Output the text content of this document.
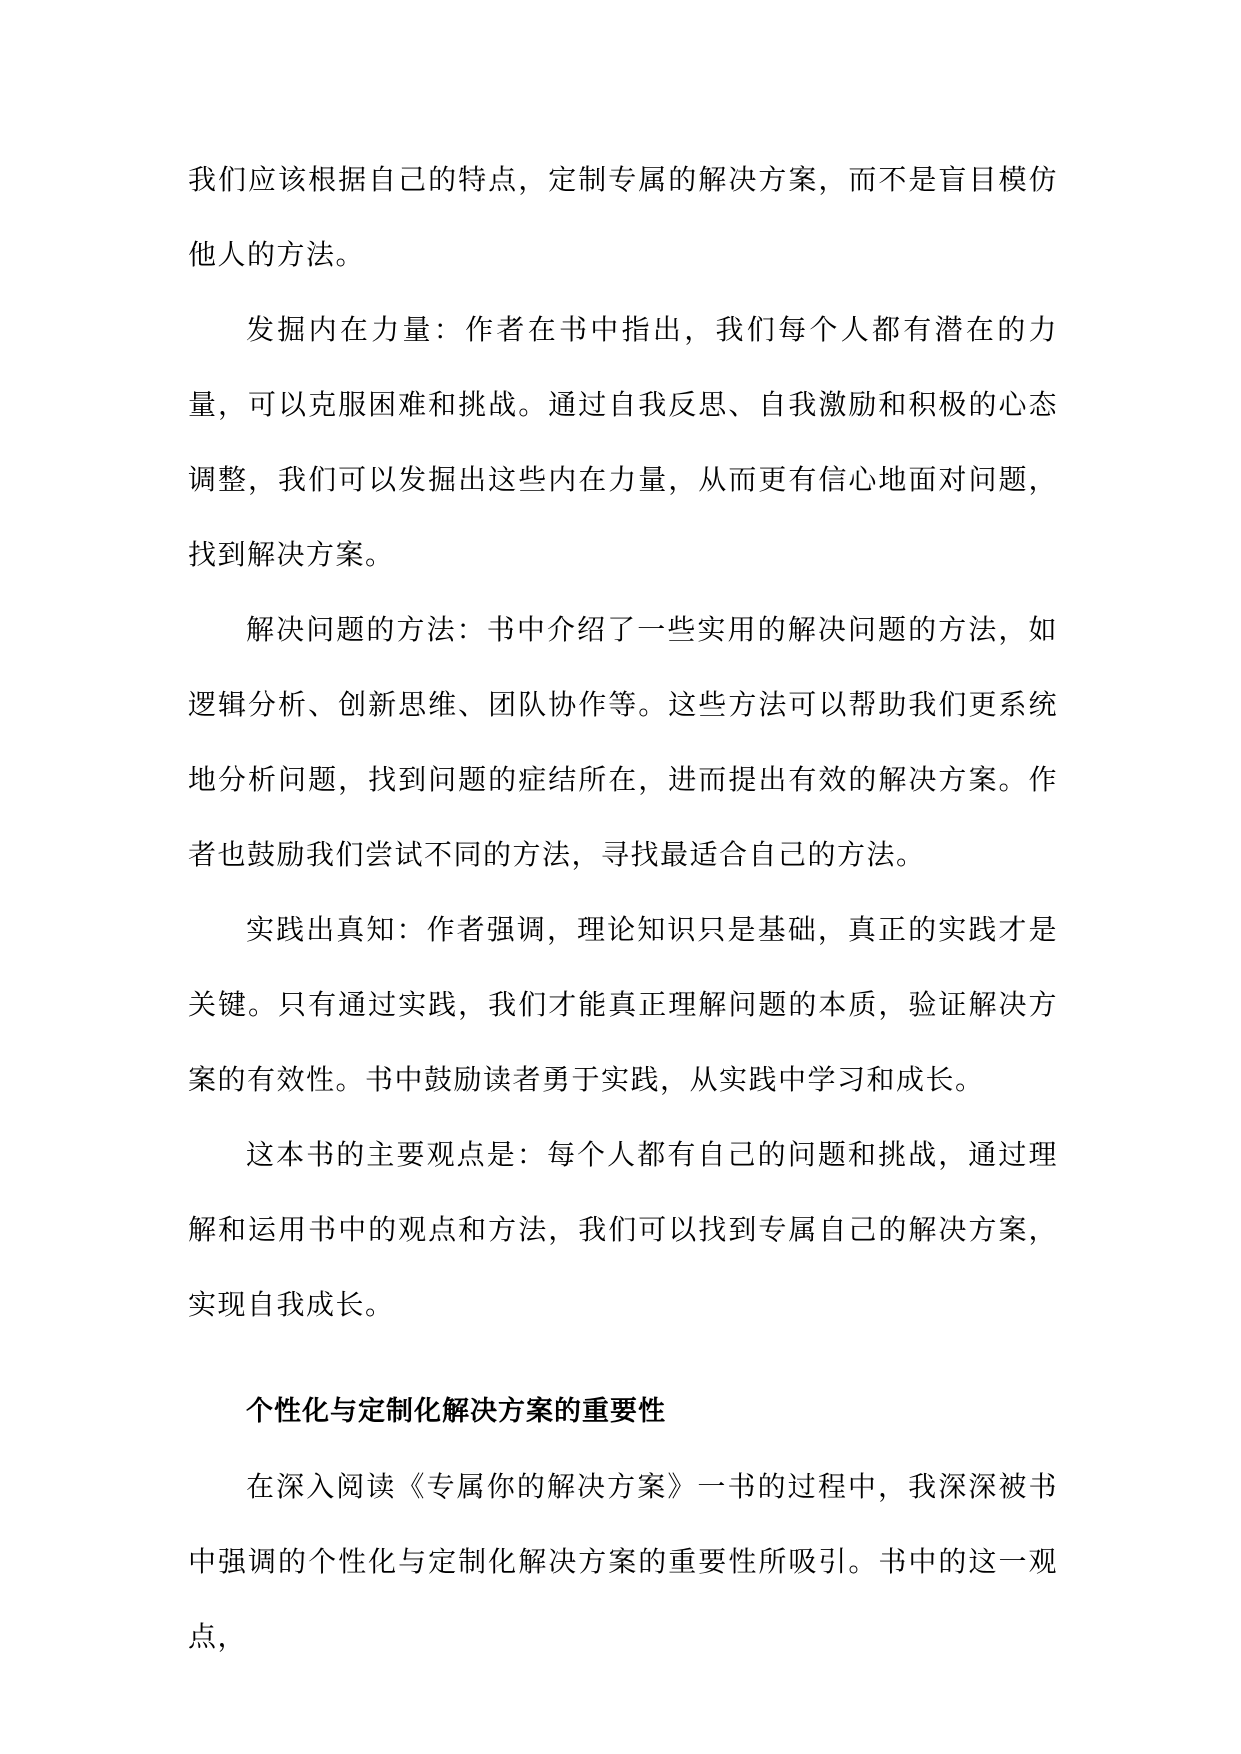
我们应该根据自己的特点，定制专属的解决方案，而不是盲目模仿他人的方法。

发掘内在力量：作者在书中指出，我们每个人都有潜在的力量，可以克服困难和挑战。通过自我反思、自我激励和积极的心态调整，我们可以发掘出这些内在力量，从而更有信心地面对问题，找到解决方案。

解决问题的方法：书中介绍了一些实用的解决问题的方法，如逻辑分析、创新思维、团队协作等。这些方法可以帮助我们更系统地分析问题，找到问题的症结所在，进而提出有效的解决方案。作者也鼓励我们尝试不同的方法，寻找最适合自己的方法。

实践出真知：作者强调，理论知识只是基础，真正的实践才是关键。只有通过实践，我们才能真正理解问题的本质，验证解决方案的有效性。书中鼓励读者勇于实践，从实践中学习和成长。

这本书的主要观点是：每个人都有自己的问题和挑战，通过理解和运用书中的观点和方法，我们可以找到专属自己的解决方案，实现自我成长。

个性化与定制化解决方案的重要性

在深入阅读《专属你的解决方案》一书的过程中，我深深被书中强调的个性化与定制化解决方案的重要性所吸引。书中的这一观点，
